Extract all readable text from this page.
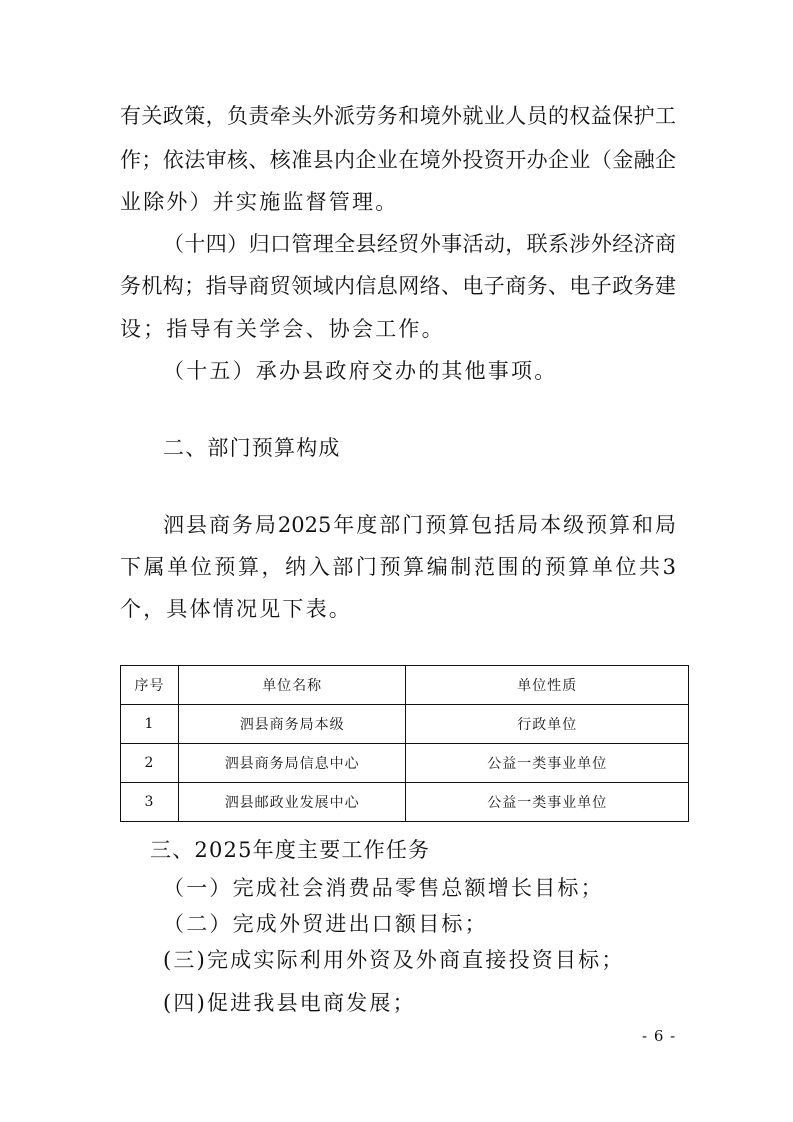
有关政策，负责牵头外派劳务和境外就业人员的权益保护工

作；依法审核、核准县内企业在境外投资开办企业（金融企

业除外）并实施监督管理。

（十四）归口管理全县经贸外事活动，联系涉外经济商

务机构；指导商贸领域内信息网络、电子商务、电子政务建

设；指导有关学会、协会工作。

（十五）承办县政府交办的其他事项。

二、部门预算构成

泗县商务局2025年度部门预算包括局本级预算和局

下属单位预算，纳入部门预算编制范围的预算单位共3

个，具体情况见下表。

序号	单位名称	单位性质
1	泗县商务局本级	行政单位
2	泗县商务局信息中心	公益一类事业单位
3	泗县邮政业发展中心	公益一类事业单位

三、2025年度主要工作任务

（一）完成社会消费品零售总额增长目标；

（二）完成外贸进出口额目标；

(三)完成实际利用外资及外商直接投资目标；

(四)促进我县电商发展；

- 6 -
